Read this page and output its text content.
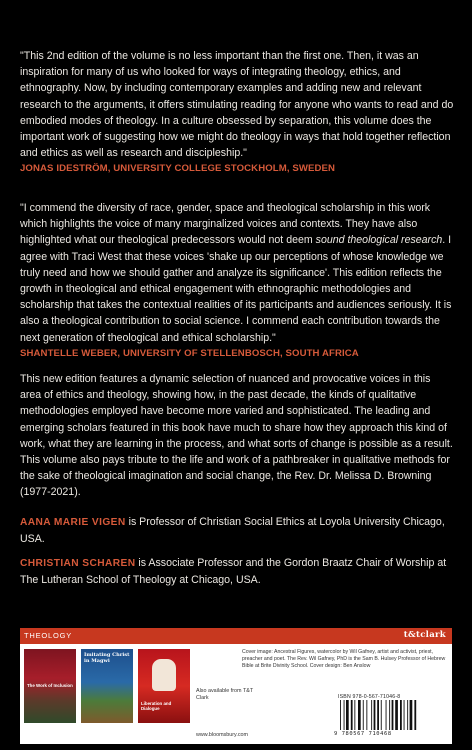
"This 2nd edition of the volume is no less important than the first one. Then, it was an inspiration for many of us who looked for ways of integrating theology, ethics, and ethnography. Now, by including contemporary examples and adding new and relevant research to the arguments, it offers stimulating reading for anyone who wants to read and do embodied modes of theology. In a culture obsessed by separation, this volume does the important work of suggesting how we might do theology in ways that hold together reflection and ethics as well as research and discipleship."
JONAS IDESTRÖM, UNIVERSITY COLLEGE STOCKHOLM, SWEDEN
"I commend the diversity of race, gender, space and theological scholarship in this work which highlights the voice of many marginalized voices and contexts. They have also highlighted what our theological predecessors would not deem sound theological research. I agree with Traci West that these voices 'shake up our perceptions of whose knowledge we truly need and how we should gather and analyze its significance'. This edition reflects the growth in theological and ethical engagement with ethnographic methodologies and scholarship that takes the contextual realities of its participants and audiences seriously. It is also a theological contribution to social science. I commend each contribution towards the next generation of theological and ethical scholarship."
SHANTELLE WEBER, UNIVERSITY OF STELLENBOSCH, SOUTH AFRICA
This new edition features a dynamic selection of nuanced and provocative voices in this area of ethics and theology, showing how, in the past decade, the kinds of qualitative methodologies employed have become more varied and sophisticated. The leading and emerging scholars featured in this book have much to share how they approach this kind of work, what they are learning in the process, and what sorts of change is possible as a result. This volume also pays tribute to the life and work of a pathbreaker in qualitative methods for the sake of theological imagination and social change, the Rev. Dr. Melissa D. Browning (1977-2021).
AANA MARIE VIGEN is Professor of Christian Social Ethics at Loyola University Chicago, USA.
CHRISTIAN SCHAREN is Associate Professor and the Gordon Braatz Chair of Worship at The Lutheran School of Theology at Chicago, USA.
THEOLOGY	t&tclark
The Work of Inclusion
Imitating Christ in Magwi
Liberation and Dialogue
Also available from T&T Clark
www.bloomsbury.com
Cover image: Ancestral Figures, watercolor by Wil Gafney, artist and activist, priest, preacher and poet. The Rev. Wil Gafney, PhD is the Sam B. Hulsey Professor of Hebrew Bible at Brite Divinity School. Cover design: Ben Anslow
ISBN 978-0-567-71046-8
9 780567 710468
